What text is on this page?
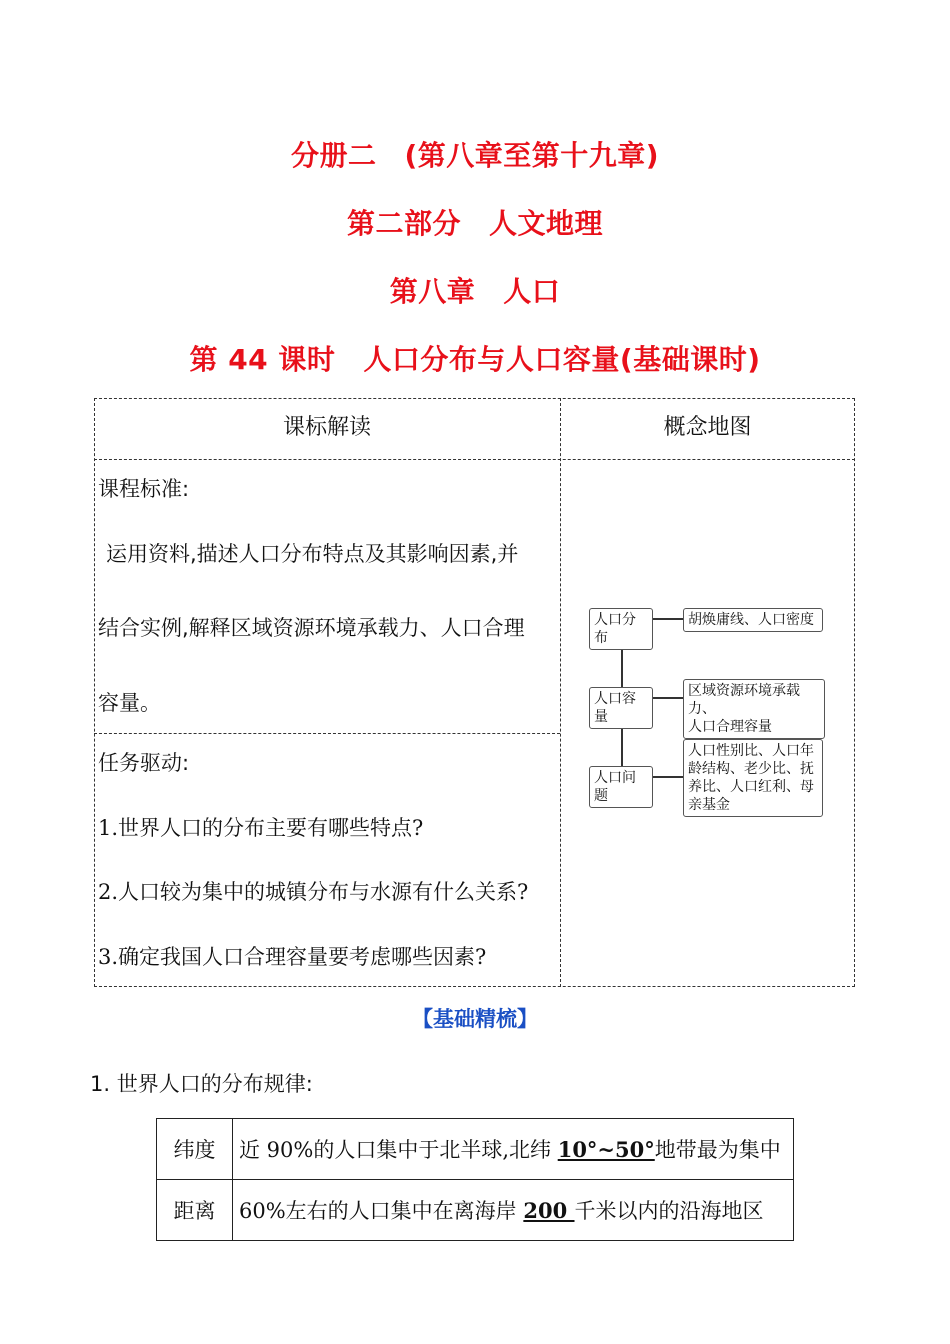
分册二 (第八章至第十九章)
第二部分 人文地理
第八章 人口
第 44 课时 人口分布与人口容量(基础课时)
课标解读	概念地图
课程标准:
运用资料,描述人口分布特点及其影响因素,并
结合实例,解释区域资源环境承载力、人口合理
容量。
任务驱动:
1.世界人口的分布主要有哪些特点?
2.人口较为集中的城镇分布与水源有什么关系?
3.确定我国人口合理容量要考虑哪些因素?
人口分布
人口容量
人口问题
胡焕庸线、人口密度
区域资源环境承载力、
人口合理容量
人口性别比、人口年
龄结构、老少比、抚
养比、人口红利、母
亲基金
【基础精梳】
1. 世界人口的分布规律:
纬度	近 90%的人口集中于北半球,北纬 10°~50°地带最为集中
距离	60%左右的人口集中在离海岸 200 千米以内的沿海地区
